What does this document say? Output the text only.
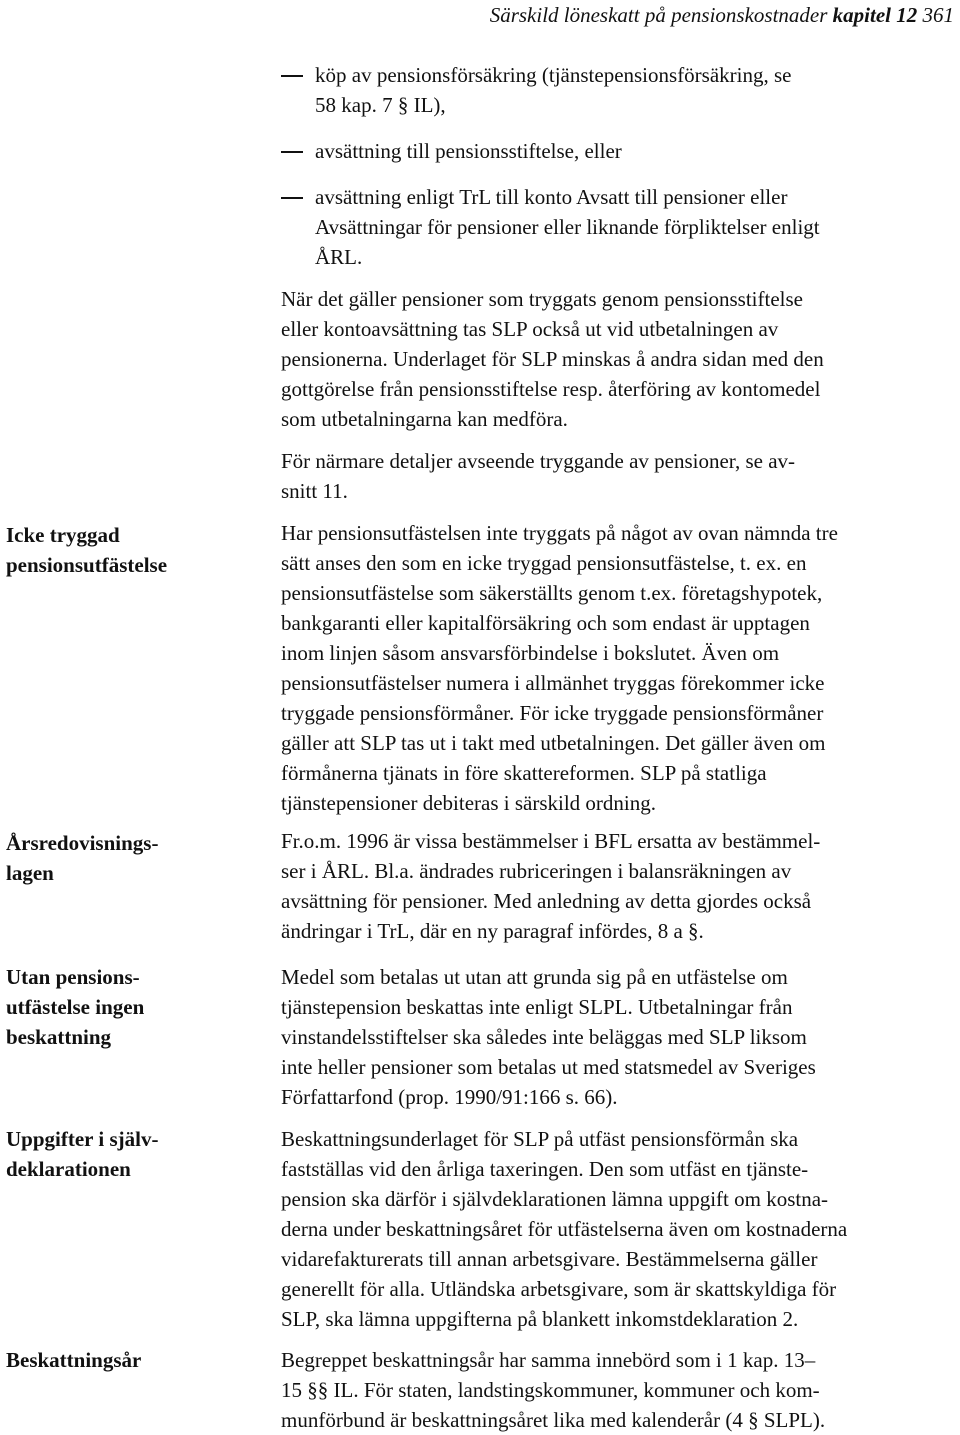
Särskild löneskatt på pensionskostnader kapitel 12 361
köp av pensionsförsäkring (tjänstepensionsförsäkring, se
58 kap. 7 § IL),
avsättning till pensionsstiftelse, eller
avsättning enligt TrL till konto Avsatt till pensioner eller
Avsättningar för pensioner eller liknande förpliktelser enligt
ÅRL.
När det gäller pensioner som tryggats genom pensionsstiftelse
eller kontoavsättning tas SLP också ut vid utbetalningen av
pensionerna. Underlaget för SLP minskas å andra sidan med den
gottgörelse från pensionsstiftelse resp. återföring av kontomedel
som utbetalningarna kan medföra.
För närmare detaljer avseende tryggande av pensioner, se av-
snitt 11.
Har pensionsutfästelsen inte tryggats på något av ovan nämnda tre
sätt anses den som en icke tryggad pensionsutfästelse, t. ex. en
pensionsutfästelse som säkerställts genom t.ex. företagshypotek,
bankgaranti eller kapitalförsäkring och som endast är upptagen
inom linjen såsom ansvarsförbindelse i bokslutet. Även om
pensionsutfästelser numera i allmänhet tryggas förekommer icke
tryggade pensionsförmåner. För icke tryggade pensionsförmåner
gäller att SLP tas ut i takt med utbetalningen. Det gäller även om
förmånerna tjänats in före skattereformen. SLP på statliga
tjänstepensioner debiteras i särskild ordning.
Fr.o.m. 1996 är vissa bestämmelser i BFL ersatta av bestämmel-
ser i ÅRL. Bl.a. ändrades rubriceringen i balansräkningen av
avsättning för pensioner. Med anledning av detta gjordes också
ändringar i TrL, där en ny paragraf infördes, 8 a §.
Medel som betalas ut utan att grunda sig på en utfästelse om
tjänstepension beskattas inte enligt SLPL. Utbetalningar från
vinstandelsstiftelser ska således inte beläggas med SLP liksom
inte heller pensioner som betalas ut med statsmedel av Sveriges
Författarfond (prop. 1990/91:166 s. 66).
Beskattningsunderlaget för SLP på utfäst pensionsförmån ska
fastställas vid den årliga taxeringen. Den som utfäst en tjänste-
pension ska därför i självdeklarationen lämna uppgift om kostna-
derna under beskattningsåret för utfästelserna även om kostnaderna
vidarefakturerats till annan arbetsgivare. Bestämmelserna gäller
generellt för alla. Utländska arbetsgivare, som är skattskyldiga för
SLP, ska lämna uppgifterna på blankett inkomstdeklaration 2.
Begreppet beskattningsår har samma innebörd som i 1 kap. 13–
15 §§ IL. För staten, landstingskommuner, kommuner och kom-
munförbund är beskattningsåret lika med kalenderår (4 § SLPL).
Icke tryggad
pensionsutfästelse
Årsredovisnings-
lagen
Utan pensions-
utfästelse ingen
beskattning
Uppgifter i själv-
deklarationen
Beskattningsår
